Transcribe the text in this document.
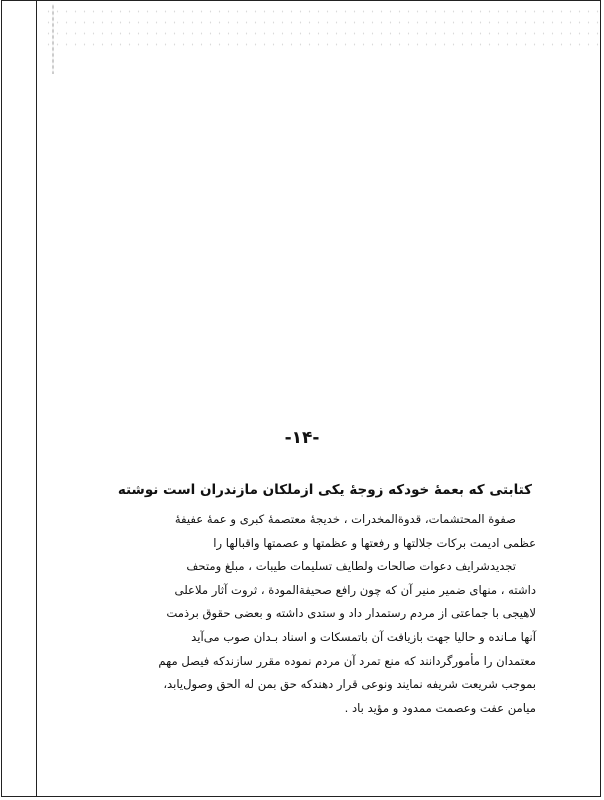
-۱۴-
کتابتی که بعمهٔ خودکه زوجهٔ یکی ازملکان مازندران است نوشته
صفوة المحتشمات، قدوة‌المخدرات ، خدیجهٔ معتصمهٔ کبری و عمهٔ عفیفهٔ
عظمی ادیمت برکات جلالتها و رفعتها و عظمتها و عصمتها واقبالها را
تجدیدشرایف دعوات صالحات ولطایف تسلیمات طیبات ، مبلغ ومتحف
داشته ، منهای ضمیر منیر آن که چون رافع صحیفةالمودة ، ثروت آثار ملاعلی
لاهیجی با جماعتی از مردم رستمدار داد و ستدی داشته و بعضی حقوق برذمت
آنها مـانده و حالیا جهت بازیافت آن باتمسکات و اسناد بـدان صوب می‌آید
معتمدان را مأمورگردانند که منع تمرد آن مردم نموده مقرر سازندکه فیصل مهم
بموجب شریعت شریفه نمایند ونوعی قرار دهندکه حق بمن له الحق وصول‌یابد،
میامن عفت وعصمت ممدود و مؤید باد .
